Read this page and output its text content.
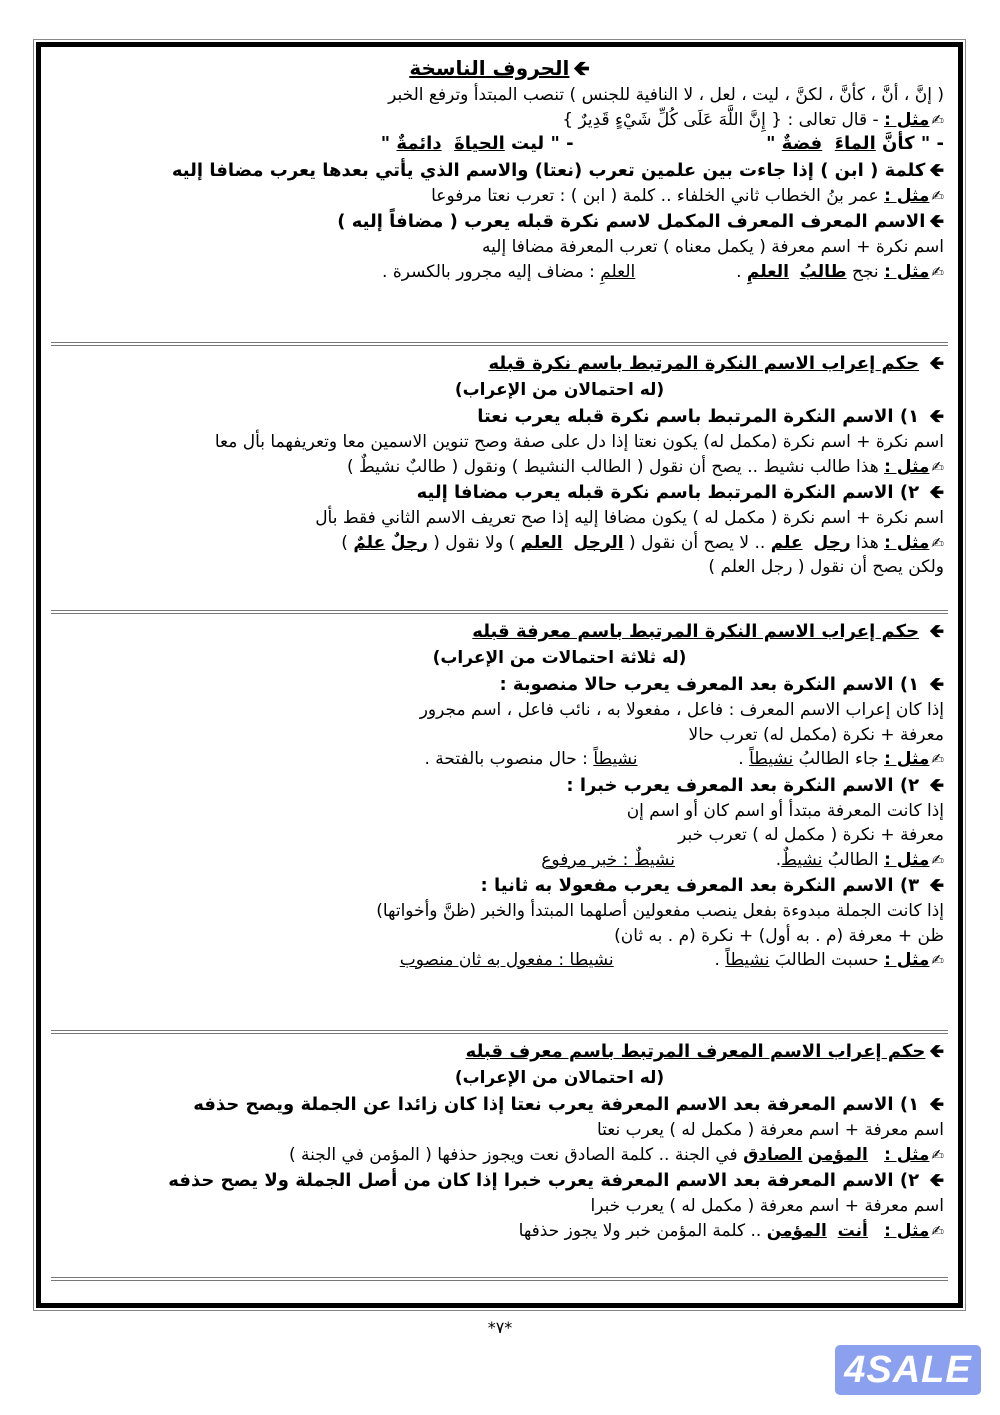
🡸الحروف الناسخة
( إنَّ ، أنَّ ، كأنَّ ، لكنَّ ، ليت ، لعل ، لا النافية للجنس ) تنصب المبتدأ وترفع الخبر
✍مثل : - قال تعالى : { إِنَّ اللَّهَ عَلَى كُلِّ شَيْءٍ قَدِيرٌ }
- " كأنَّ الماءَ  فضةٌ "  - " ليت الحياةَ  دائمةٌ "
🡸كلمة ( ابن ) إذا جاءت بين علمين تعرب (نعتا) والاسم الذي يأتي بعدها يعرب مضافا إليه
✍مثل : عمر بنُ الخطاب ثاني الخلفاء .. كلمة ( ابن ) : تعرب نعتا مرفوعا
🡸الاسم المعرف المعرف المكمل لاسم نكرة قبله يعرب ( مضافاً إليه )
اسم نكرة + اسم معرفة ( يكمل معناه ) تعرب المعرفة مضافا إليه
✍مثل : نجح طالبُ  العلمِ .  العلمِ : مضاف إليه مجرور بالكسرة .
🡸 حكم إعراب الاسم النكرة المرتبط باسم نكرة قبله
(له احتمالان من الإعراب)
🡸 ١) الاسم النكرة المرتبط باسم نكرة قبله يعرب نعتا
اسم نكرة + اسم نكرة (مكمل له) يكون نعتا إذا دل على صفة وصح تنوين الاسمين معا وتعريفهما بأل معا
✍مثل : هذا طالب نشيط .. يصح أن نقول ( الطالب النشيط ) ونقول ( طالبٌ نشيطٌ )
🡸 ٢) الاسم النكرة المرتبط باسم نكرة قبله يعرب مضافا إليه
اسم نكرة + اسم نكرة ( مكمل له ) يكون مضافا إليه إذا صح تعريف الاسم الثاني فقط بأل
✍مثل : هذا رجل  علم .. لا يصح أن نقول ( الرجل  العلم ) ولا نقول ( رجلٌ علمٌ )
ولكن يصح أن نقول ( رجل العلم )
🡸 حكم إعراب الاسم النكرة المرتبط باسم معرفة قبله
(له ثلاثة احتمالات من الإعراب)
🡸 ١) الاسم النكرة بعد المعرف يعرب حالا منصوبة :
إذا كان إعراب الاسم المعرف : فاعل ، مفعولا به ، نائب فاعل ، اسم مجرور
معرفة + نكرة (مكمل له) تعرب حالا
✍مثل : جاء الطالبُ نشيطاً .  نشيطاً : حال منصوب بالفتحة .
🡸 ٢) الاسم النكرة بعد المعرف يعرب خبرا :
إذا كانت المعرفة مبتدأ أو اسم كان أو اسم إن
معرفة + نكرة ( مكمل له ) تعرب خبر
✍مثل : الطالبُ نشيطٌ.  نشيطٌ : خبر مرفوع
🡸 ٣) الاسم النكرة بعد المعرف يعرب مفعولا به ثانيا :
إذا كانت الجملة مبدوءة بفعل ينصب مفعولين أصلهما المبتدأ والخبر (ظنَّ وأخواتها)
ظن + معرفة (م . به أول) + نكرة (م . به ثان)
✍مثل : حسبت الطالبَ نشيطاً .  نشيطا : مفعول به ثان منصوب
🡸حكم إعراب الاسم المعرف المرتبط باسم معرف قبله
(له احتمالان من الإعراب)
🡸 ١) الاسم المعرفة بعد الاسم المعرفة يعرب نعتا إذا كان زائدا عن الجملة ويصح حذفه
اسم معرفة + اسم معرفة ( مكمل له ) يعرب نعتا
✍مثل :   المؤمن الصادق في الجنة .. كلمة الصادق نعت ويجوز حذفها ( المؤمن في الجنة )
🡸 ٢) الاسم المعرفة بعد الاسم المعرفة يعرب خبرا إذا كان من أصل الجملة ولا يصح حذفه
اسم معرفة + اسم معرفة ( مكمل له ) يعرب خبرا
✍مثل :   أنت  المؤمن .. كلمة المؤمن خبر ولا يجوز حذفها
*٧*
4SALE
